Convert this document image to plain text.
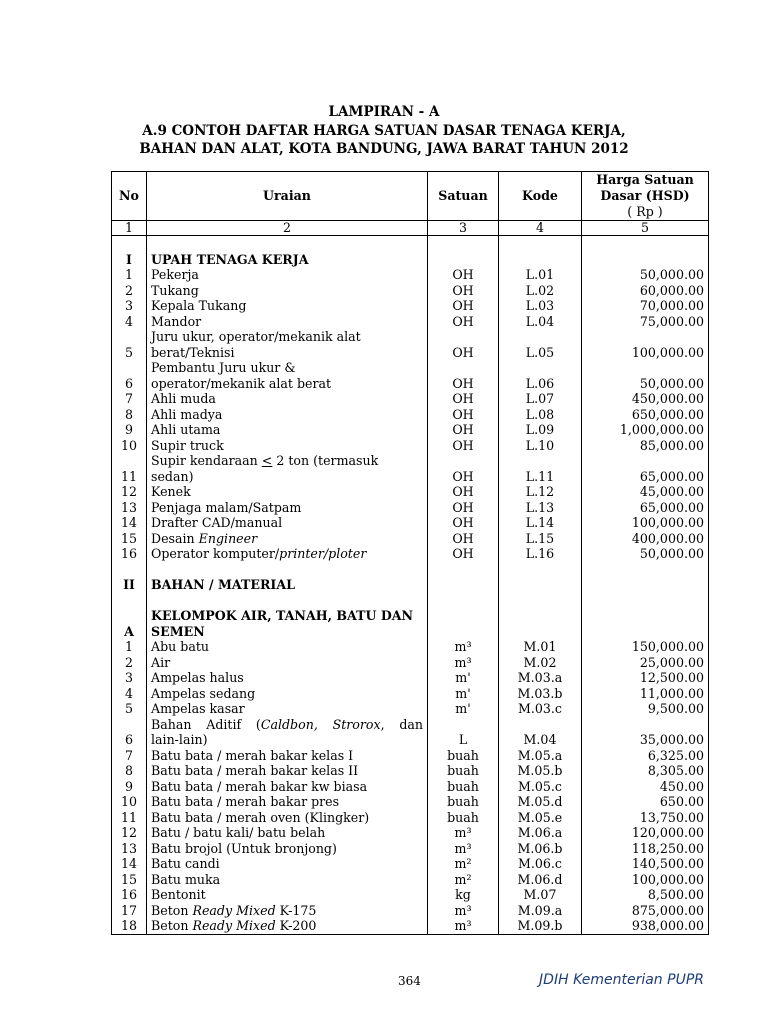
LAMPIRAN - A
A.9 CONTOH DAFTAR HARGA SATUAN DASAR TENAGA KERJA,
BAHAN DAN ALAT, KOTA BANDUNG, JAWA BARAT TAHUN 2012
No	Uraian	Satuan	Kode	Harga Satuan
Dasar (HSD)
( Rp )
1	2	3	4	5

I	UPAH TENAGA KERJA			

1	Pekerja	OH	L.01	50,000.00
2	Tukang	OH	L.02	60,000.00
3	Kepala Tukang	OH	L.03	70,000.00
4	Mandor	OH	L.04	75,000.00
5	Juru ukur, operator/mekanik alat
berat/Teknisi	OH	L.05	100,000.00
6	Pembantu Juru ukur &
operator/mekanik alat berat	OH	L.06	50,000.00
7	Ahli muda	OH	L.07	450,000.00
8	Ahli madya	OH	L.08	650,000.00
9	Ahli utama	OH	L.09	1,000,000.00
10	Supir truck	OH	L.10	85,000.00
11	Supir kendaraan < 2 ton (termasuk
sedan)	OH	L.11	65,000.00
12	Kenek	OH	L.12	45,000.00
13	Penjaga malam/Satpam	OH	L.13	65,000.00
14	Drafter CAD/manual	OH	L.14	100,000.00
15	Desain Engineer	OH	L.15	400,000.00
16	Operator komputer/printer/ploter	OH	L.16	50,000.00

II	BAHAN / MATERIAL			

A	KELOMPOK AIR, TANAH, BATU DAN
SEMEN			

1	Abu batu	m³	M.01	150,000.00
2	Air	m³	M.02	25,000.00
3	Ampelas halus	m'	M.03.a	12,500.00
4	Ampelas sedang	m'	M.03.b	11,000.00
5	Ampelas kasar	m'	M.03.c	9,500.00
6	Bahan Aditif (Caldbon, Strorox, dan
lain-lain)	L	M.04	35,000.00
7	Batu bata / merah bakar kelas I	buah	M.05.a	6,325.00
8	Batu bata / merah bakar kelas II	buah	M.05.b	8,305.00
9	Batu bata / merah bakar kw biasa	buah	M.05.c	450.00
10	Batu bata / merah bakar pres	buah	M.05.d	650.00
11	Batu bata / merah oven (Klingker)	buah	M.05.e	13,750.00
12	Batu / batu kali/ batu belah	m³	M.06.a	120,000.00
13	Batu brojol (Untuk bronjong)	m³	M.06.b	118,250.00
14	Batu candi	m²	M.06.c	140,500.00
15	Batu muka	m²	M.06.d	100,000.00
16	Bentonit	kg	M.07	8,500.00
17	Beton Ready Mixed K-175	m³	M.09.a	875,000.00
18	Beton Ready Mixed K-200	m³	M.09.b	938,000.00
364	JDIH Kementerian PUPR
